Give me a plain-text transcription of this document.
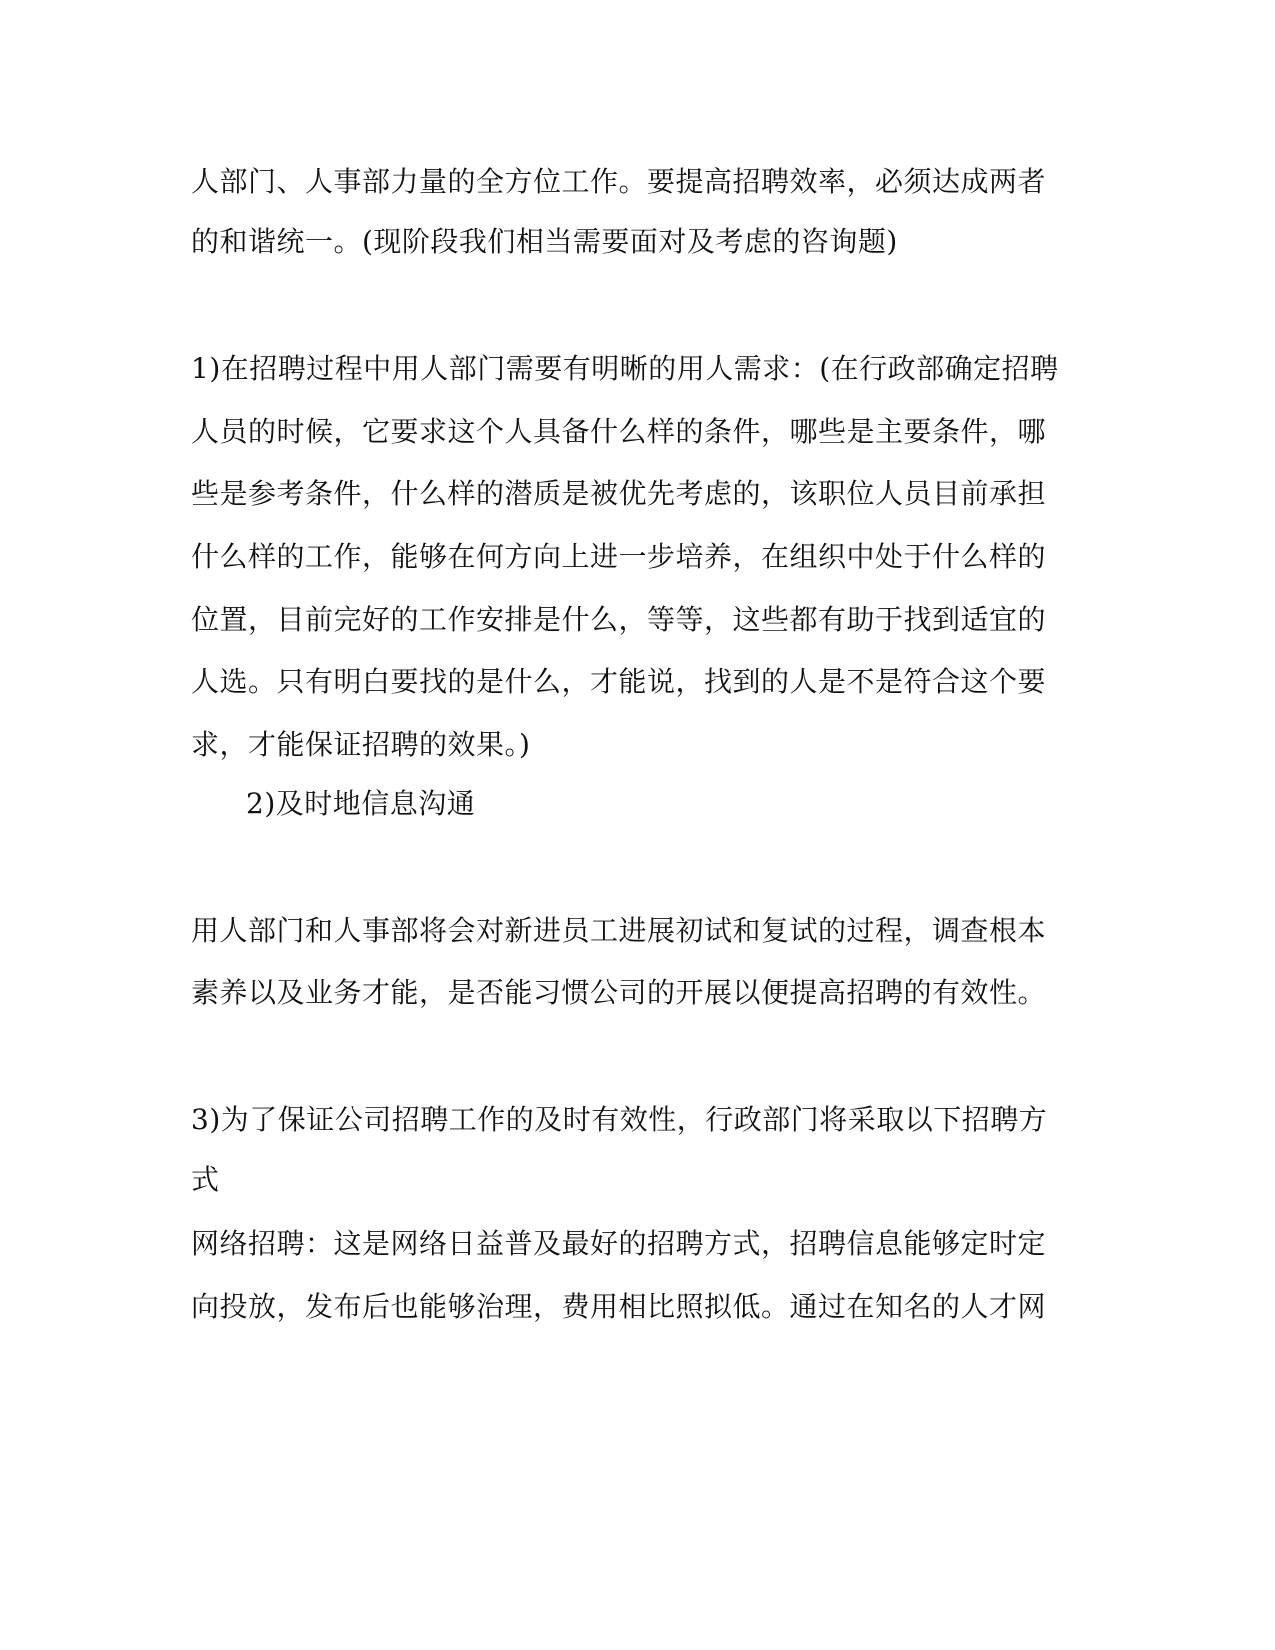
人部门、人事部力量的全方位工作。要提高招聘效率，必须达成两者
的和谐统一。(现阶段我们相当需要面对及考虑的咨询题)
1)在招聘过程中用人部门需要有明晰的用人需求：(在行政部确定招聘
人员的时候，它要求这个人具备什么样的条件，哪些是主要条件，哪
些是参考条件，什么样的潜质是被优先考虑的，该职位人员目前承担
什么样的工作，能够在何方向上进一步培养，在组织中处于什么样的
位置，目前完好的工作安排是什么，等等，这些都有助于找到适宜的
人选。只有明白要找的是什么，才能说，找到的人是不是符合这个要
求，才能保证招聘的效果。)
2)及时地信息沟通
用人部门和人事部将会对新进员工进展初试和复试的过程，调查根本
素养以及业务才能，是否能习惯公司的开展以便提高招聘的有效性。
3)为了保证公司招聘工作的及时有效性，行政部门将采取以下招聘方
式
网络招聘：这是网络日益普及最好的招聘方式，招聘信息能够定时定
向投放，发布后也能够治理，费用相比照拟低。通过在知名的人才网
